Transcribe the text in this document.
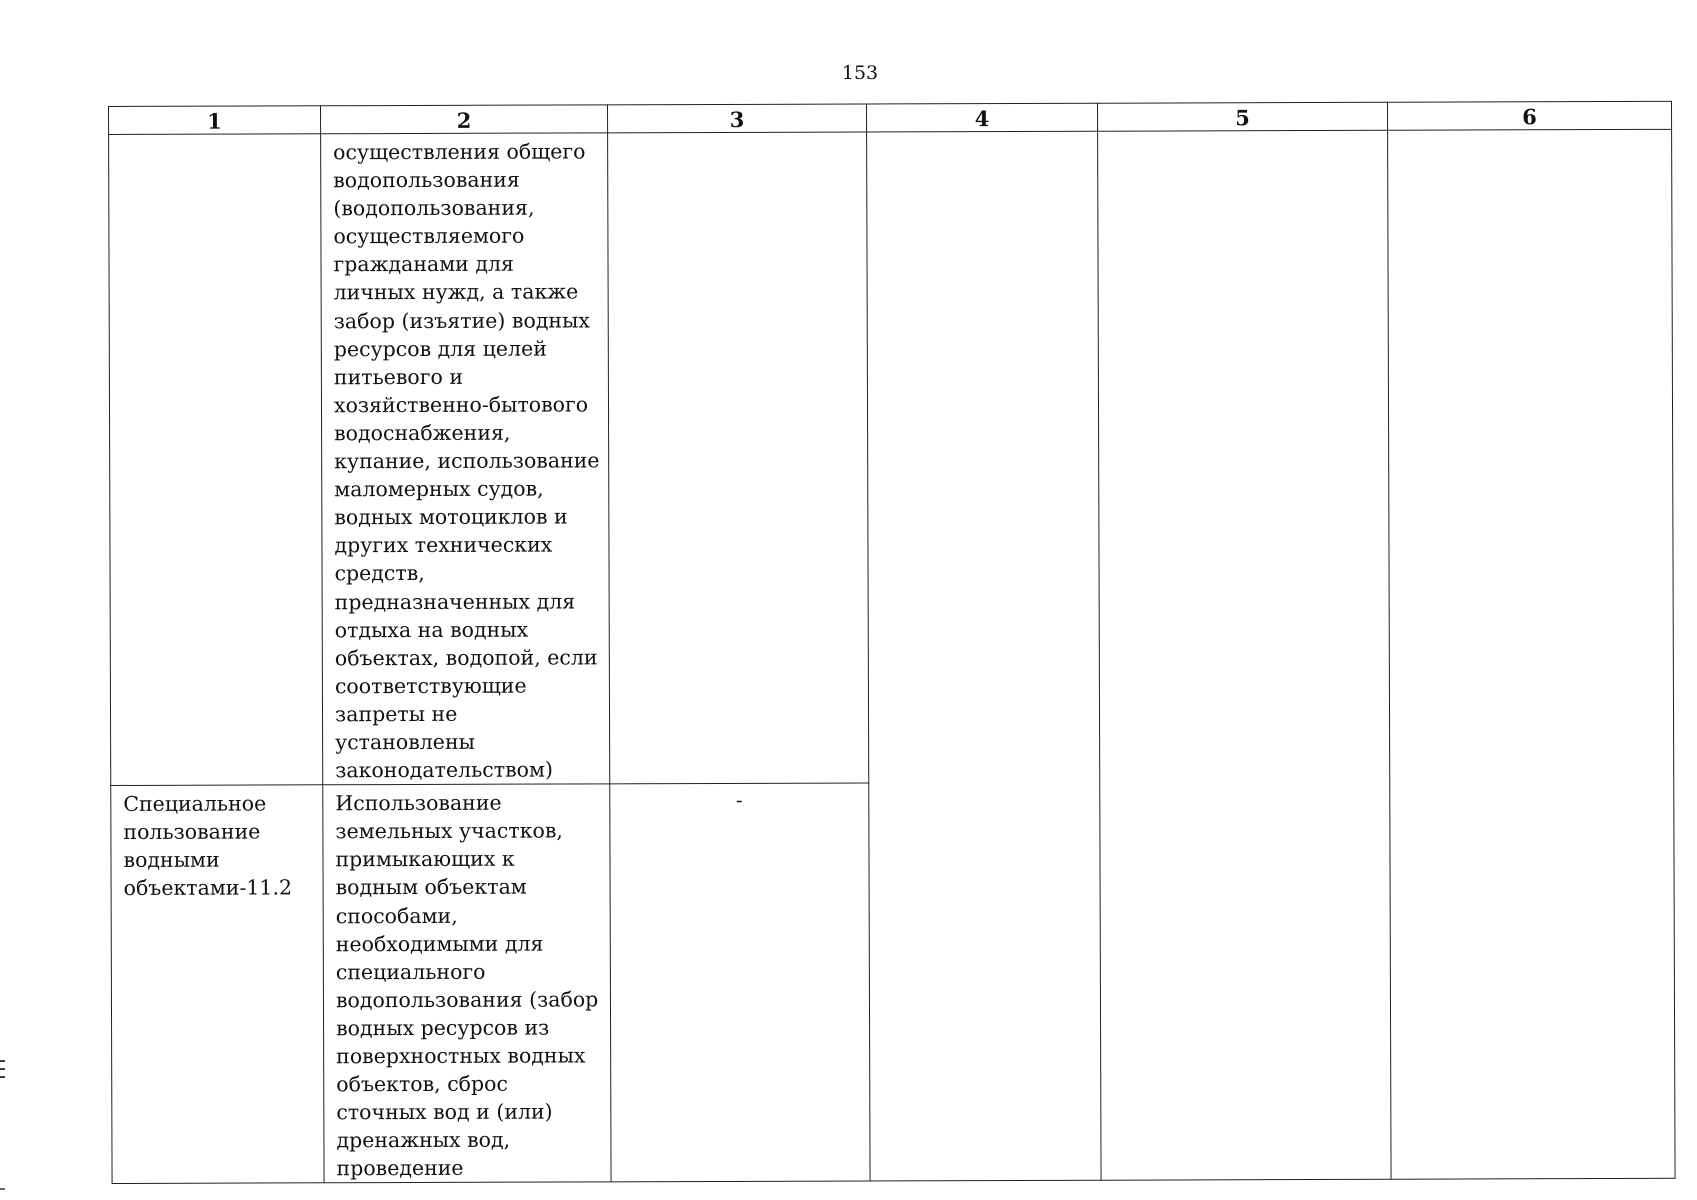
153
1	2	3	4	5	6

	осуществления общего водопользования (водопользования, осуществляемого гражданами для личных нужд, а также забор (изъятие) водных ресурсов для целей питьевого и хозяйственно-бытового водоснабжения, купание, использование маломерных судов, водных мотоциклов и других технических средств, предназначенных для отдыха на водных объектах, водопой, если соответствующие запреты не установлены законодательством)				

Специальное пользование водными объектами-11.2	Использование земельных участков, примыкающих к водным объектам способами, необходимыми для специального водопользования (забор водных ресурсов из поверхностных водных объектов, сброс сточных вод и (или) дренажных вод, проведение	-			
